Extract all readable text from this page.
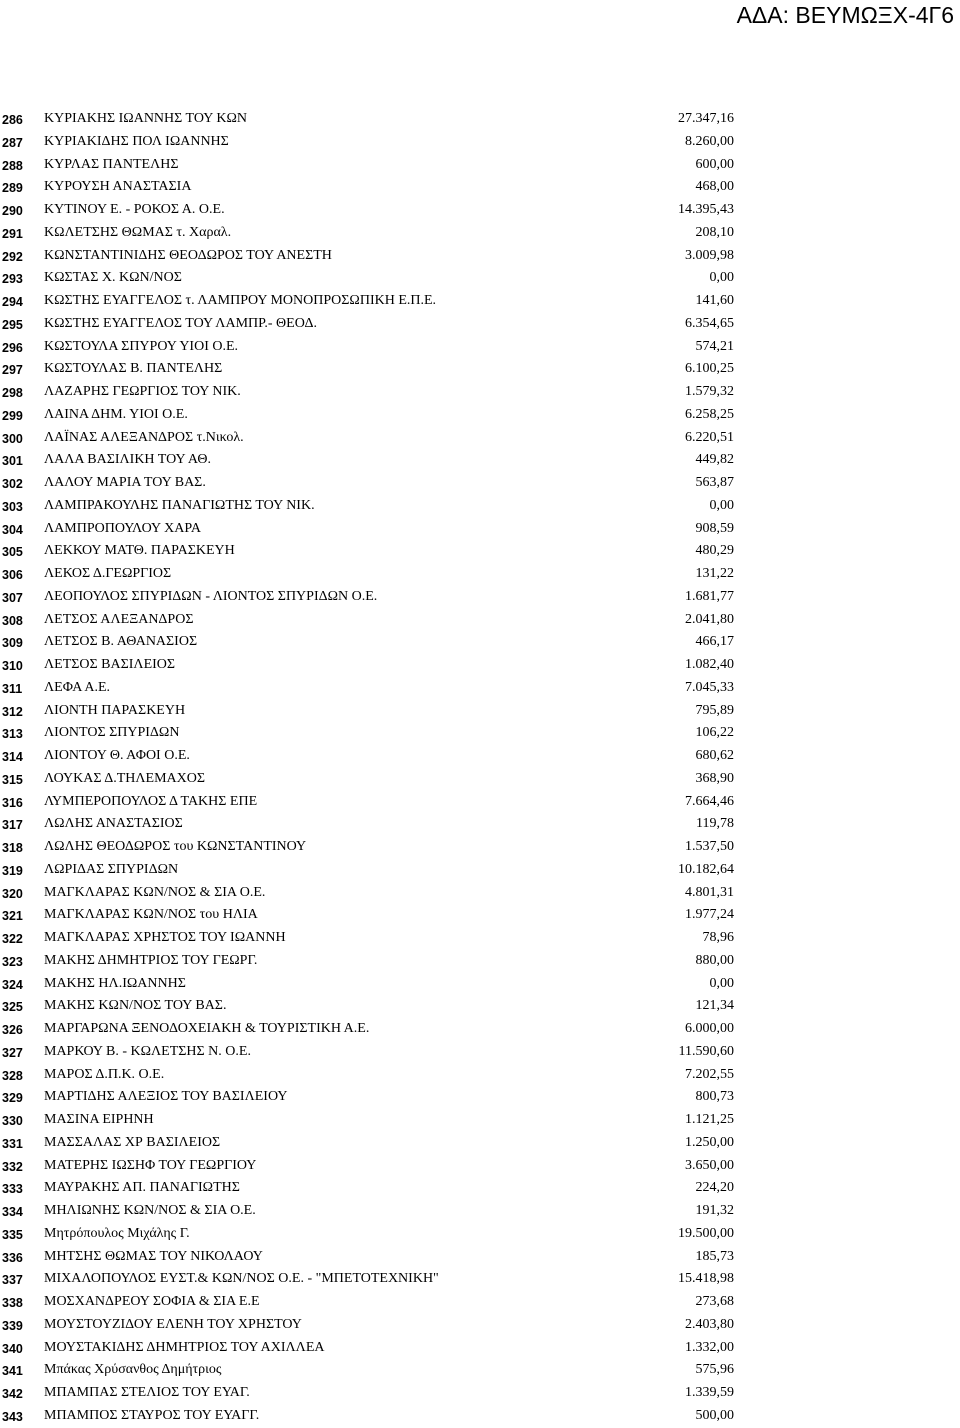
ΑΔΑ: ΒΕΥΜΩΞΧ-4Γ6
286	ΚΥΡΙΑΚΗΣ ΙΩΑΝΝΗΣ ΤΟΥ ΚΩΝ	27.347,16
287	ΚΥΡΙΑΚΙΔΗΣ ΠΟΛ ΙΩΑΝΝΗΣ	8.260,00
288	ΚΥΡΛΑΣ ΠΑΝΤΕΛΗΣ	600,00
289	ΚΥΡΟΥΣΗ ΑΝΑΣΤΑΣΙΑ	468,00
290	ΚΥΤΙΝΟΥ Ε. - ΡΟΚΟΣ Α. Ο.Ε.	14.395,43
291	ΚΩΛΕΤΣΗΣ ΘΩΜΑΣ τ. Χαραλ.	208,10
292	ΚΩΝΣΤΑΝΤΙΝΙΔΗΣ ΘΕΟΔΩΡΟΣ ΤΟΥ ΑΝΕΣΤΗ	3.009,98
293	ΚΩΣΤΑΣ Χ. ΚΩΝ/ΝΟΣ	0,00
294	ΚΩΣΤΗΣ ΕΥΑΓΓΕΛΟΣ τ. ΛΑΜΠΡΟΥ ΜΟΝΟΠΡΟΣΩΠΙΚΗ Ε.Π.Ε.	141,60
295	ΚΩΣΤΗΣ ΕΥΑΓΓΕΛΟΣ ΤΟΥ ΛΑΜΠΡ.- ΘΕΟΔ.	6.354,65
296	ΚΩΣΤΟΥΛΑ ΣΠΥΡΟΥ ΥΙΟΙ Ο.Ε.	574,21
297	ΚΩΣΤΟΥΛΑΣ Β. ΠΑΝΤΕΛΗΣ	6.100,25
298	ΛΑΖΑΡΗΣ ΓΕΩΡΓΙΟΣ ΤΟΥ ΝΙΚ.	1.579,32
299	ΛΑΙΝΑ ΔΗΜ. ΥΙΟΙ Ο.Ε.	6.258,25
300	ΛΑΪΝΑΣ ΑΛΕΞΑΝΔΡΟΣ τ.Νικολ.	6.220,51
301	ΛΑΛΑ ΒΑΣΙΛΙΚΗ ΤΟΥ ΑΘ.	449,82
302	ΛΑΛΟΥ ΜΑΡΙΑ ΤΟΥ ΒΑΣ.	563,87
303	ΛΑΜΠΡΑΚΟΥΛΗΣ ΠΑΝΑΓΙΩΤΗΣ ΤΟΥ ΝΙΚ.	0,00
304	ΛΑΜΠΡΟΠΟΥΛΟΥ ΧΑΡΑ	908,59
305	ΛΕΚΚΟΥ ΜΑΤΘ. ΠΑΡΑΣΚΕΥΗ	480,29
306	ΛΕΚΟΣ Δ.ΓΕΩΡΓΙΟΣ	131,22
307	ΛΕΟΠΟΥΛΟΣ ΣΠΥΡΙΔΩΝ - ΛΙΟΝΤΟΣ ΣΠΥΡΙΔΩΝ Ο.Ε.	1.681,77
308	ΛΕΤΣΟΣ ΑΛΕΞΑΝΔΡΟΣ	2.041,80
309	ΛΕΤΣΟΣ Β. ΑΘΑΝΑΣΙΟΣ	466,17
310	ΛΕΤΣΟΣ ΒΑΣΙΛΕΙΟΣ	1.082,40
311	ΛΕΦΑ Α.Ε.	7.045,33
312	ΛΙΟΝΤΗ ΠΑΡΑΣΚΕΥΗ	795,89
313	ΛΙΟΝΤΟΣ ΣΠΥΡΙΔΩΝ	106,22
314	ΛΙΟΝΤΟΥ Θ. ΑΦΟΙ Ο.Ε.	680,62
315	ΛΟΥΚΑΣ Δ.ΤΗΛΕΜΑΧΟΣ	368,90
316	ΛΥΜΠΕΡΟΠΟΥΛΟΣ Δ ΤΑΚΗΣ ΕΠΕ	7.664,46
317	ΛΩΛΗΣ ΑΝΑΣΤΑΣΙΟΣ	119,78
318	ΛΩΛΗΣ ΘΕΟΔΩΡΟΣ του ΚΩΝΣΤΑΝΤΙΝΟΥ	1.537,50
319	ΛΩΡΙΔΑΣ ΣΠΥΡΙΔΩΝ	10.182,64
320	ΜΑΓΚΛΑΡΑΣ ΚΩΝ/ΝΟΣ & ΣΙΑ Ο.Ε.	4.801,31
321	ΜΑΓΚΛΑΡΑΣ ΚΩΝ/ΝΟΣ του ΗΛΙΑ	1.977,24
322	ΜΑΓΚΛΑΡΑΣ ΧΡΗΣΤΟΣ ΤΟΥ ΙΩΑΝΝΗ	78,96
323	ΜΑΚΗΣ ΔΗΜΗΤΡΙΟΣ ΤΟΥ ΓΕΩΡΓ.	880,00
324	ΜΑΚΗΣ ΗΛ.ΙΩΑΝΝΗΣ	0,00
325	ΜΑΚΗΣ ΚΩΝ/ΝΟΣ ΤΟΥ ΒΑΣ.	121,34
326	ΜΑΡΓΑΡΩΝΑ ΞΕΝΟΔΟΧΕΙΑΚΗ & ΤΟΥΡΙΣΤΙΚΗ Α.Ε.	6.000,00
327	ΜΑΡΚΟΥ Β. - ΚΩΛΕΤΣΗΣ Ν. Ο.Ε.	11.590,60
328	ΜΑΡΟΣ Δ.Π.Κ. Ο.Ε.	7.202,55
329	ΜΑΡΤΙΔΗΣ ΑΛΕΞΙΟΣ ΤΟΥ ΒΑΣΙΛΕΙΟΥ	800,73
330	ΜΑΣΙΝΑ ΕΙΡΗΝΗ	1.121,25
331	ΜΑΣΣΑΛΑΣ ΧΡ ΒΑΣΙΛΕΙΟΣ	1.250,00
332	ΜΑΤΕΡΗΣ ΙΩΣΗΦ ΤΟΥ ΓΕΩΡΓΙΟΥ	3.650,00
333	ΜΑΥΡΑΚΗΣ ΑΠ. ΠΑΝΑΓΙΩΤΗΣ	224,20
334	ΜΗΛΙΩΝΗΣ ΚΩΝ/ΝΟΣ & ΣΙΑ Ο.Ε.	191,32
335	Μητρόπουλος Μιχάλης Γ.	19.500,00
336	ΜΗΤΣΗΣ ΘΩΜΑΣ ΤΟΥ ΝΙΚΟΛΑΟΥ	185,73
337	ΜΙΧΑΛΟΠΟΥΛΟΣ ΕΥΣΤ.& ΚΩΝ/ΝΟΣ Ο.Ε. - "ΜΠΕΤΟΤΕΧΝΙΚΗ"	15.418,98
338	ΜΟΣΧΑΝΔΡΕΟΥ ΣΟΦΙΑ & ΣΙΑ Ε.Ε	273,68
339	ΜΟΥΣΤΟΥΖΙΔΟΥ ΕΛΕΝΗ ΤΟΥ ΧΡΗΣΤΟΥ	2.403,80
340	ΜΟΥΣΤΑΚΙΔΗΣ ΔΗΜΗΤΡΙΟΣ ΤΟΥ ΑΧΙΛΛΕΑ	1.332,00
341	Μπάκας Χρύσανθος Δημήτριος	575,96
342	ΜΠΑΜΠΑΣ ΣΤΕΛΙΟΣ ΤΟΥ ΕΥΑΓ.	1.339,59
343	ΜΠΑΜΠΟΣ ΣΤΑΥΡΟΣ ΤΟΥ ΕΥΑΓΓ.	500,00
